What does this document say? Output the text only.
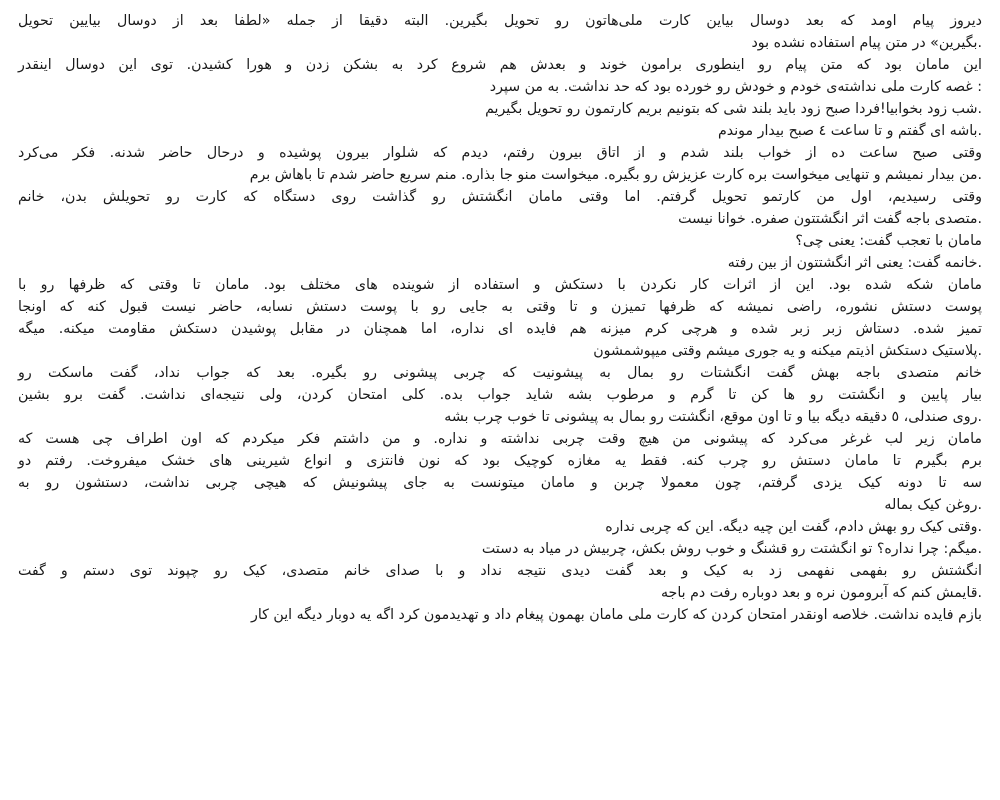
دیروز پیام اومد که بعد دوسال بیاین کارت ملی‌هاتون رو تحویل بگیرین. البته دقیقا از جمله «لطفا بعد از دوسال بیایین تحویل
.بگیرین» در متن پیام استفاده نشده بود
این مامان بود که متن پیام رو اینطوری برامون خوند و بعدش هم شروع کرد به بشکن زدن و هورا کشیدن. توی این دوسال اینقدر
: غصه کارت ملی نداشته‌ی خودم و خودش رو خورده بود که حد نداشت. به من سپرد
.شب زود بخوابیا!فردا صبح زود باید بلند شی که بتونیم بریم کارتمون رو تحویل بگیریم
.باشه ای گفتم و تا ساعت ٤ صبح بیدار موندم
وقتی صبح ساعت ده از خواب بلند شدم و از اتاق بیرون رفتم، دیدم که شلوار بیرون پوشیده و درحال حاضر شدنه. فکر می‌کرد
.من بیدار نمیشم و تنهایی میخواست بره کارت عزیزش رو بگیره. میخواست منو جا بذاره. منم سریع حاضر شدم تا باهاش برم
وقتی رسیدیم، اول من کارتمو تحویل گرفتم. اما وقتی مامان انگشتش رو گذاشت روی دستگاه که کارت رو تحویلش بدن، خانم
.متصدی باجه گفت اثر انگشتتون صفره. خوانا نیست
مامان با تعجب گفت: یعنی چی؟
.خانمه گفت: یعنی اثر انگشتتون از بین رفته
مامان شکه شده بود. این از اثرات کار نکردن با دستکش و استفاده از شوینده های مختلف بود. مامان تا وقتی که ظرفها رو با
پوست دستش نشوره، راضی نمیشه که ظرفها تمیزن و تا وقتی به جایی رو با پوست دستش نسابه، حاضر نیست قبول کنه که اونجا
تمیز شده. دستاش زبر زبر شده و هرچی کرم میزنه هم فایده ای نداره، اما همچنان در مقابل پوشیدن دستکش مقاومت میکنه. میگه
.پلاستیک دستکش اذیتم میکنه و یه جوری میشم وقتی میپوشمشون
خانم متصدی باجه بهش گفت انگشتات رو بمال به پیشونیت که چربی پیشونی رو بگیره. بعد که جواب نداد، گفت ماسکت رو
بیار پایین و انگشتت رو ها کن تا گرم و مرطوب بشه شاید جواب بده. کلی امتحان کردن، ولی نتیجه‌ای نداشت. گفت برو بشین
.روی صندلی، ٥ دقیقه دیگه بیا و تا اون موقع، انگشتت رو بمال به پیشونی تا خوب چرب بشه
مامان زیر لب غرغر می‌کرد که پیشونی من هیچ وقت چربی نداشته و نداره. و من داشتم فکر میکردم که اون اطراف چی هست که
برم بگیرم تا مامان دستش رو چرب کنه. فقط یه مغازه کوچیک بود که نون فانتزی و انواع شیرینی های خشک میفروخت. رفتم دو
سه تا دونه کیک یزدی گرفتم، چون معمولا چربن و مامان میتونست به جای پیشونیش که هیچی چربی نداشت، دستشون رو به
.روغن کیک بماله
.وقتی کیک رو بهش دادم، گفت این چیه دیگه. این که چربی نداره
.میگم: چرا نداره؟ تو انگشتت رو قشنگ و خوب روش بکش، چربیش در میاد به دستت
انگشتش رو بفهمی نفهمی زد به کیک و بعد گفت دیدی نتیجه نداد و با صدای خانم متصدی، کیک رو چپوند توی دستم و گفت
.قایمش کنم که آبرومون نره و بعد دوباره رفت دم باجه
بازم فایده نداشت. خلاصه اونقدر امتحان کردن که کارت ملی مامان بهمون پیغام داد و تهدیدمون کرد اگه یه دوبار دیگه این کار
